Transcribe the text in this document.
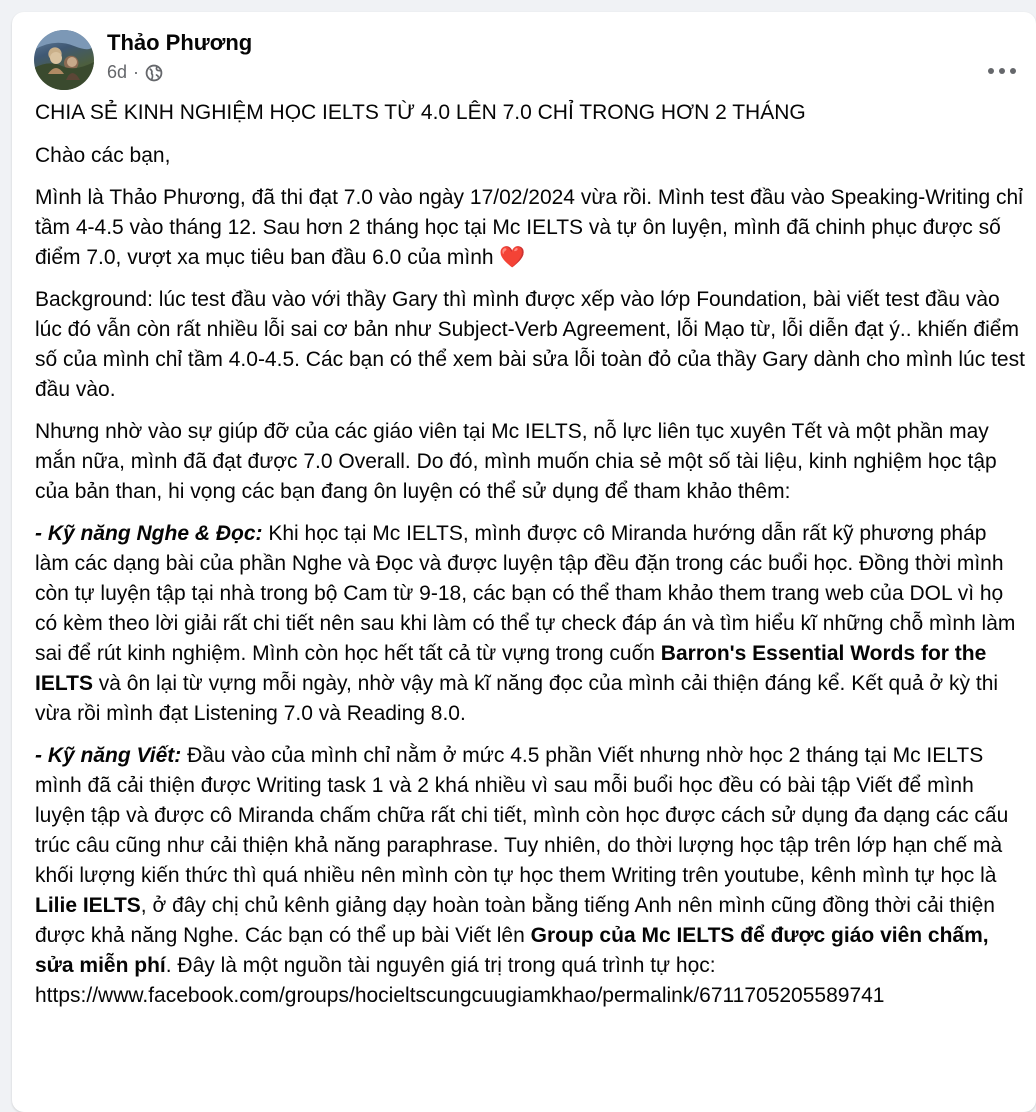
Thảo Phương
6d ·

CHIA SẺ KINH NGHIỆM HỌC IELTS TỪ 4.0 LÊN 7.0 CHỈ TRONG HƠN 2 THÁNG

Chào các bạn,

Mình là Thảo Phương, đã thi đạt 7.0 vào ngày 17/02/2024 vừa rồi. Mình test đầu vào Speaking-Writing chỉ tầm 4-4.5 vào tháng 12. Sau hơn 2 tháng học tại Mc IELTS và tự ôn luyện, mình đã chinh phục được số điểm 7.0, vượt xa mục tiêu ban đầu 6.0 của mình ❤️

Background: lúc test đầu vào với thầy Gary thì mình được xếp vào lớp Foundation, bài viết test đầu vào lúc đó vẫn còn rất nhiều lỗi sai cơ bản như Subject-Verb Agreement, lỗi Mạo từ, lỗi diễn đạt ý.. khiến điểm số của mình chỉ tầm 4.0-4.5. Các bạn có thể xem bài sửa lỗi toàn đỏ của thầy Gary dành cho mình lúc test đầu vào.

Nhưng nhờ vào sự giúp đỡ của các giáo viên tại Mc IELTS, nỗ lực liên tục xuyên Tết và một phần may mắn nữa, mình đã đạt được 7.0 Overall. Do đó, mình muốn chia sẻ một số tài liệu, kinh nghiệm học tập của bản than, hi vọng các bạn đang ôn luyện có thể sử dụng để tham khảo thêm:

- Kỹ năng Nghe & Đọc: Khi học tại Mc IELTS, mình được cô Miranda hướng dẫn rất kỹ phương pháp làm các dạng bài của phần Nghe và Đọc và được luyện tập đều đặn trong các buổi học. Đồng thời mình còn tự luyện tập tại nhà trong bộ Cam từ 9-18, các bạn có thể tham khảo them trang web của DOL vì họ có kèm theo lời giải rất chi tiết nên sau khi làm có thể tự check đáp án và tìm hiểu kĩ những chỗ mình làm sai để rút kinh nghiệm. Mình còn học hết tất cả từ vựng trong cuốn Barron's Essential Words for the IELTS và ôn lại từ vựng mỗi ngày, nhờ vậy mà kĩ năng đọc của mình cải thiện đáng kể. Kết quả ở kỳ thi vừa rồi mình đạt Listening 7.0 và Reading 8.0.

- Kỹ năng Viết: Đầu vào của mình chỉ nằm ở mức 4.5 phần Viết nhưng nhờ học 2 tháng tại Mc IELTS mình đã cải thiện được Writing task 1 và 2 khá nhiều vì sau mỗi buổi học đều có bài tập Viết để mình luyện tập và được cô Miranda chấm chữa rất chi tiết, mình còn học được cách sử dụng đa dạng các cấu trúc câu cũng như cải thiện khả năng paraphrase. Tuy nhiên, do thời lượng học tập trên lớp hạn chế mà khối lượng kiến thức thì quá nhiều nên mình còn tự học them Writing trên youtube, kênh mình tự học là Lilie IELTS, ở đây chị chủ kênh giảng dạy hoàn toàn bằng tiếng Anh nên mình cũng đồng thời cải thiện được khả năng Nghe. Các bạn có thể up bài Viết lên Group của Mc IELTS để được giáo viên chấm, sửa miễn phí. Đây là một nguồn tài nguyên giá trị trong quá trình tự học:
https://www.facebook.com/groups/hocieltscungcuugiamkhao/permalink/6711705205589741
